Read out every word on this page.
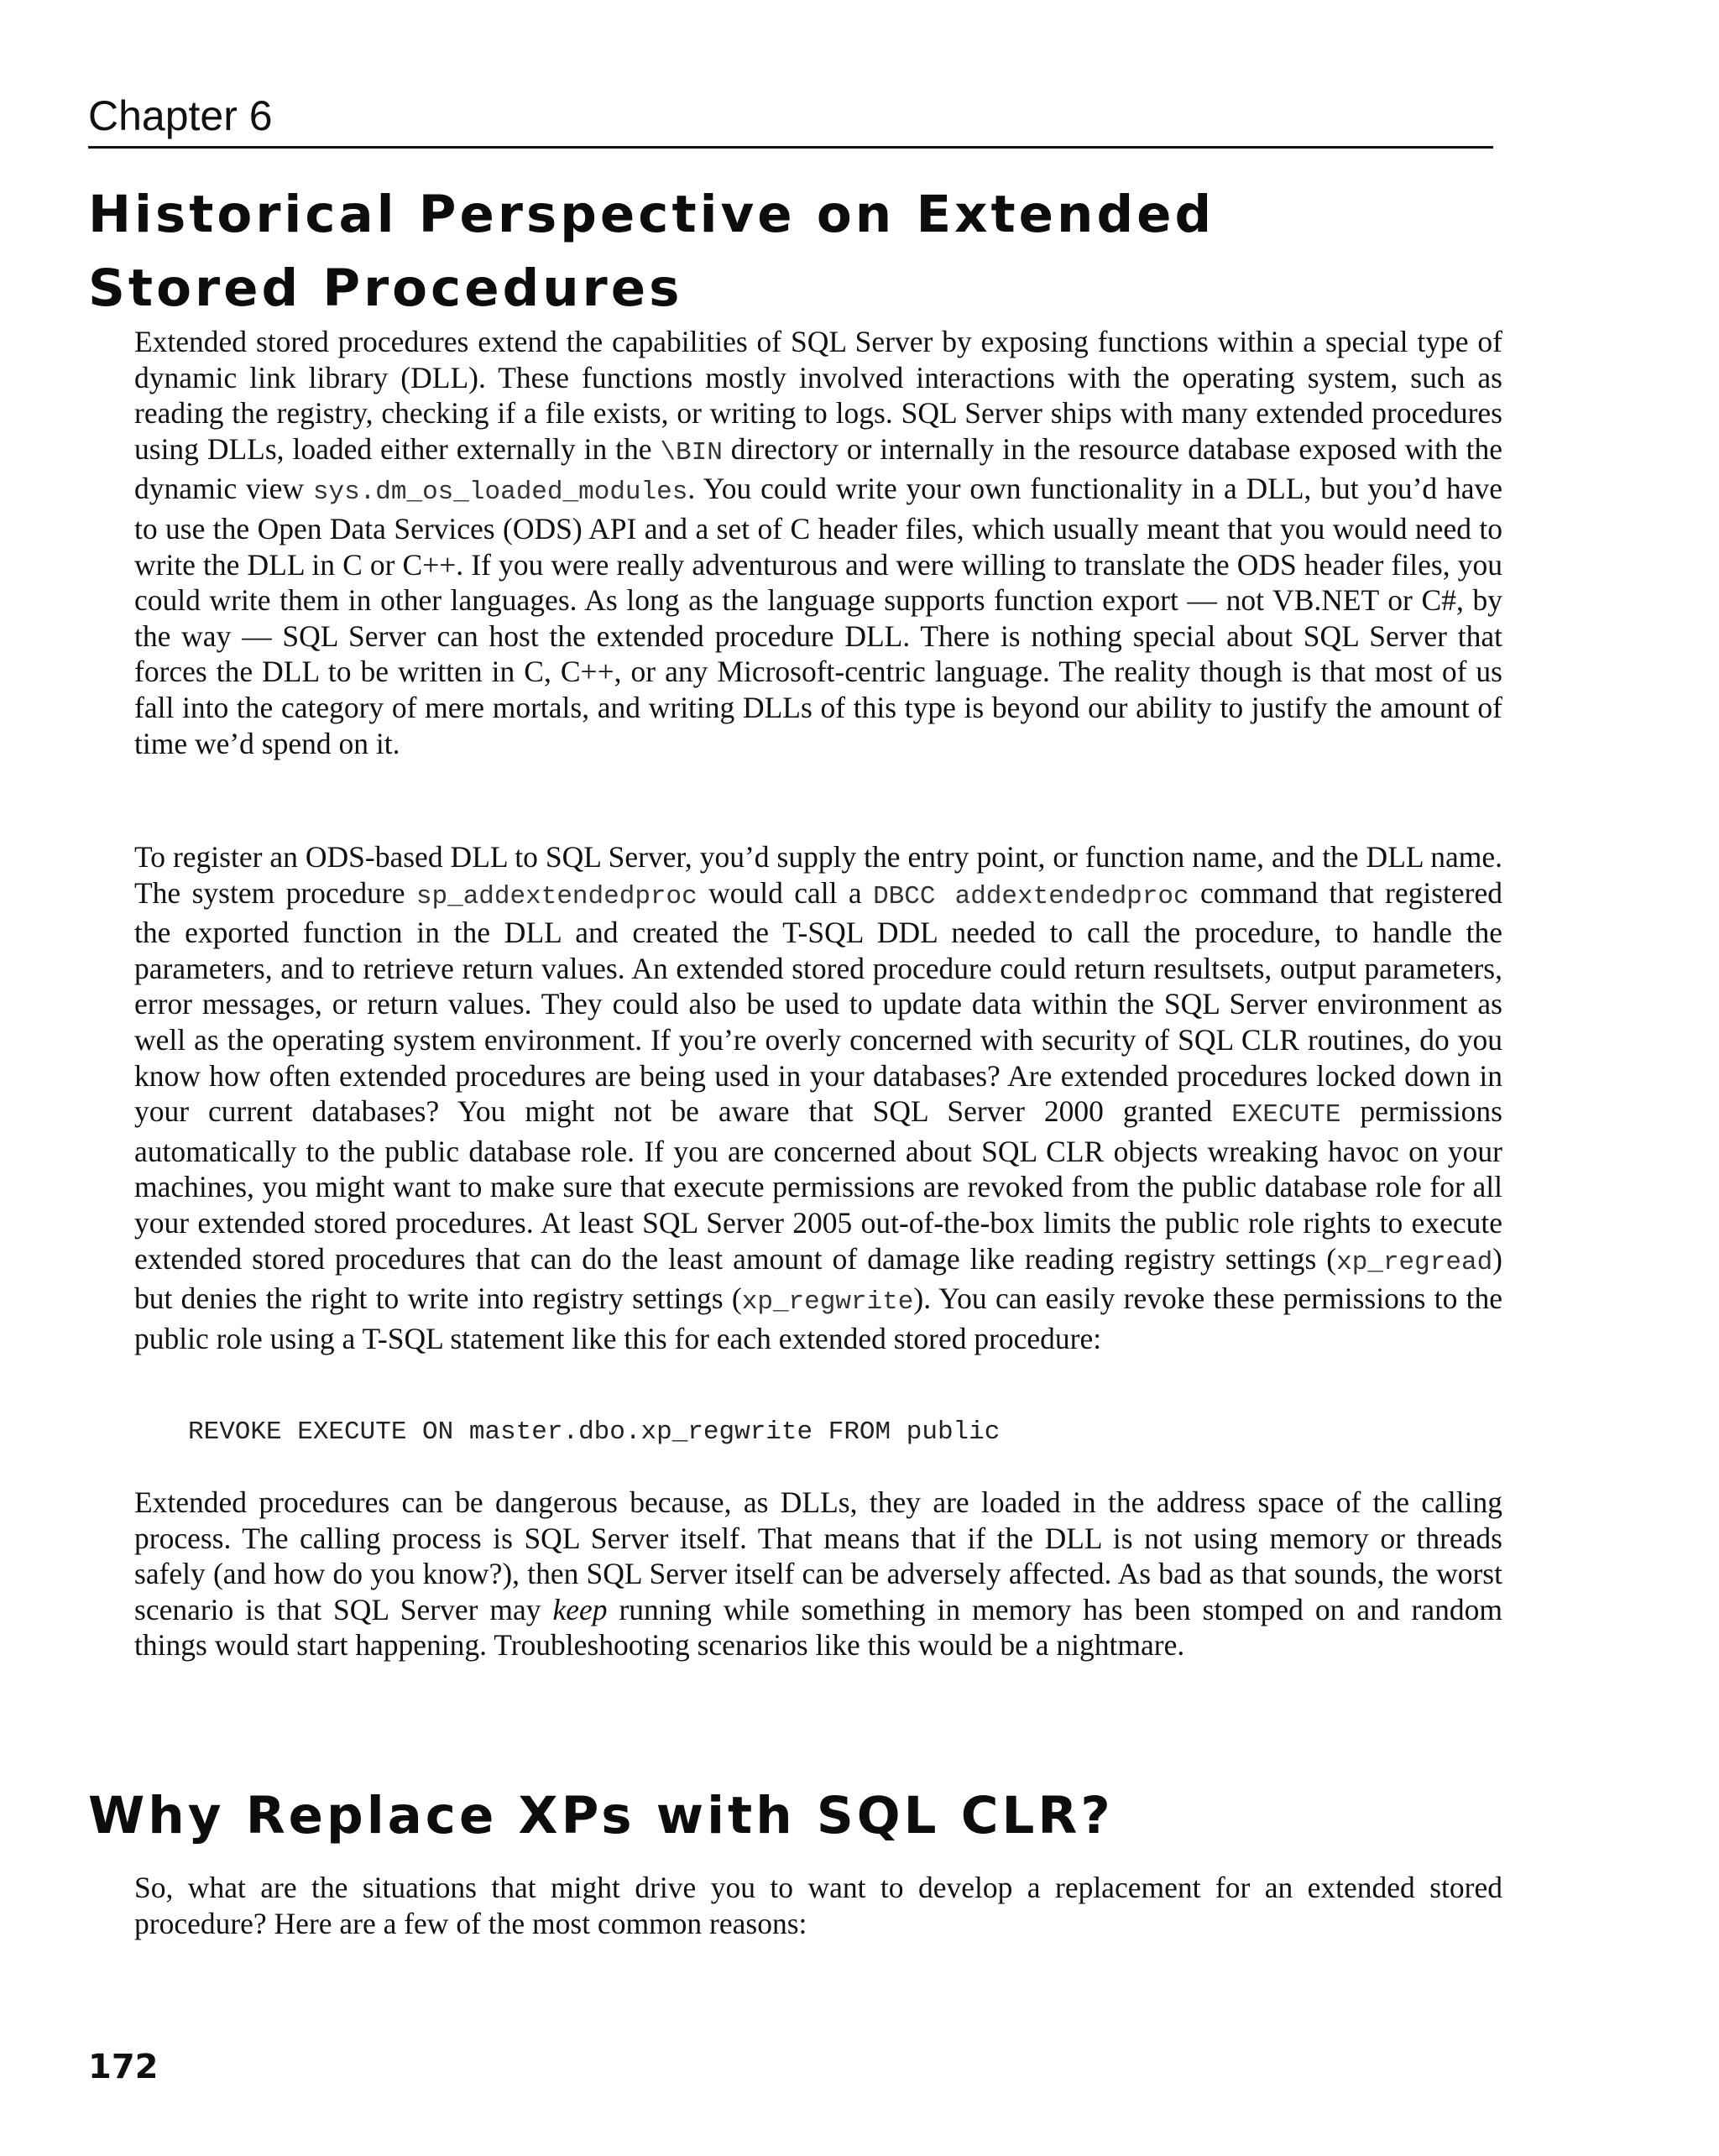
Chapter 6
Historical Perspective on Extended Stored Procedures

Extended stored procedures extend the capabilities of SQL Server by exposing functions within a special type of dynamic link library (DLL). These functions mostly involved interactions with the operating system, such as reading the registry, checking if a file exists, or writing to logs. SQL Server ships with many extended procedures using DLLs, loaded either externally in the \BIN directory or internally in the resource database exposed with the dynamic view sys.dm_os_loaded_modules. You could write your own functionality in a DLL, but you’d have to use the Open Data Services (ODS) API and a set of C header files, which usually meant that you would need to write the DLL in C or C++. If you were really adventurous and were willing to translate the ODS header files, you could write them in other languages. As long as the language supports function export — not VB.NET or C#, by the way — SQL Server can host the extended procedure DLL. There is nothing special about SQL Server that forces the DLL to be written in C, C++, or any Microsoft-centric language. The reality though is that most of us fall into the category of mere mortals, and writing DLLs of this type is beyond our ability to justify the amount of time we’d spend on it.

To register an ODS-based DLL to SQL Server, you’d supply the entry point, or function name, and the DLL name. The system procedure sp_addextendedproc would call a DBCC addextendedproc command that registered the exported function in the DLL and created the T-SQL DDL needed to call the procedure, to handle the parameters, and to retrieve return values. An extended stored procedure could return resultsets, output parameters, error messages, or return values. They could also be used to update data within the SQL Server environment as well as the operating system environment. If you’re overly concerned with security of SQL CLR routines, do you know how often extended procedures are being used in your databases? Are extended procedures locked down in your current databases? You might not be aware that SQL Server 2000 granted EXECUTE permissions automatically to the public database role. If you are concerned about SQL CLR objects wreaking havoc on your machines, you might want to make sure that execute permissions are revoked from the public database role for all your extended stored procedures. At least SQL Server 2005 out-of-the-box limits the public role rights to execute extended stored procedures that can do the least amount of damage like reading registry settings (xp_regread) but denies the right to write into registry settings (xp_regwrite). You can easily revoke these permissions to the public role using a T-SQL statement like this for each extended stored procedure:

REVOKE EXECUTE ON master.dbo.xp_regwrite FROM public

Extended procedures can be dangerous because, as DLLs, they are loaded in the address space of the calling process. The calling process is SQL Server itself. That means that if the DLL is not using memory or threads safely (and how do you know?), then SQL Server itself can be adversely affected. As bad as that sounds, the worst scenario is that SQL Server may keep running while something in memory has been stomped on and random things would start happening. Troubleshooting scenarios like this would be a nightmare.

Why Replace XPs with SQL CLR?

So, what are the situations that might drive you to want to develop a replacement for an extended stored procedure? Here are a few of the most common reasons:

172
